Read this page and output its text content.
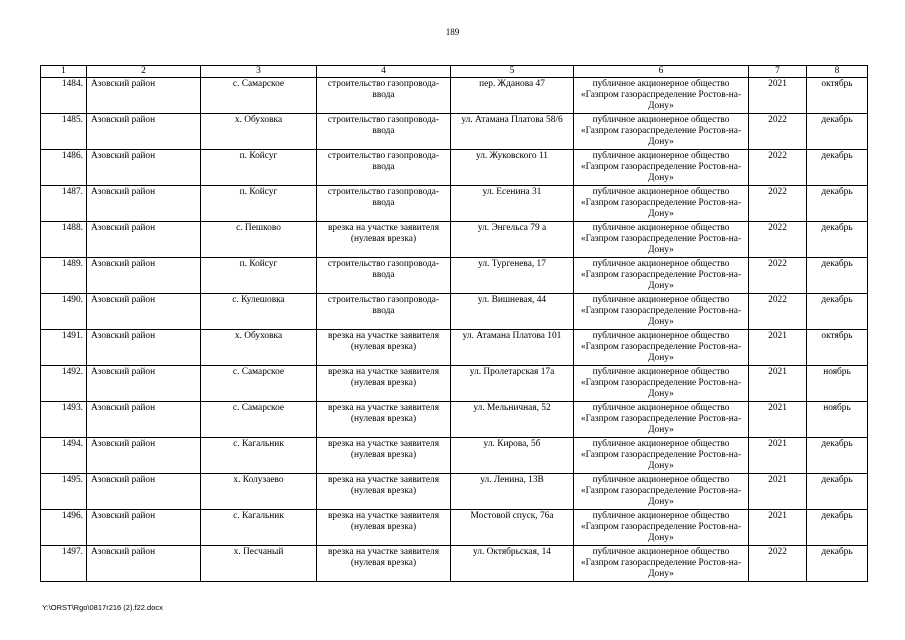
189
1	2	3	4	5	6	7	8
1484.	Азовский район	с. Самарское	строительство газопровода-ввода	пер. Жданова 47	публичное акционерное общество «Газпром газораспределение Ростов-на-Дону»	2021	октябрь
1485.	Азовский район	х. Обуховка	строительство газопровода-ввода	ул. Атамана Платова 58/6	публичное акционерное общество «Газпром газораспределение Ростов-на-Дону»	2022	декабрь
1486.	Азовский район	п. Койсуг	строительство газопровода-ввода	ул. Жуковского 11	публичное акционерное общество «Газпром газораспределение Ростов-на-Дону»	2022	декабрь
1487.	Азовский район	п. Койсуг	строительство газопровода-ввода	ул. Есенина 31	публичное акционерное общество «Газпром газораспределение Ростов-на-Дону»	2022	декабрь
1488.	Азовский район	с. Пешково	врезка на участке заявителя (нулевая врезка)	ул. Энгельса 79 а	публичное акционерное общество «Газпром газораспределение Ростов-на-Дону»	2022	декабрь
1489.	Азовский район	п. Койсуг	строительство газопровода-ввода	ул. Тургенева, 17	публичное акционерное общество «Газпром газораспределение Ростов-на-Дону»	2022	декабрь
1490.	Азовский район	с. Кулешовка	строительство газопровода-ввода	ул. Вишневая, 44	публичное акционерное общество «Газпром газораспределение Ростов-на-Дону»	2022	декабрь
1491.	Азовский район	х. Обуховка	врезка на участке заявителя (нулевая врезка)	ул. Атамана Платова 101	публичное акционерное общество «Газпром газораспределение Ростов-на-Дону»	2021	октябрь
1492.	Азовский район	с. Самарское	врезка на участке заявителя (нулевая врезка)	ул. Пролетарская 17а	публичное акционерное общество «Газпром газораспределение Ростов-на-Дону»	2021	ноябрь
1493.	Азовский район	с. Самарское	врезка на участке заявителя (нулевая врезка)	ул. Мельничная, 52	публичное акционерное общество «Газпром газораспределение Ростов-на-Дону»	2021	ноябрь
1494.	Азовский район	с. Кагальник	врезка на участке заявителя (нулевая врезка)	ул. Кирова, 5б	публичное акционерное общество «Газпром газораспределение Ростов-на-Дону»	2021	декабрь
1495.	Азовский район	х. Колузаево	врезка на участке заявителя (нулевая врезка)	ул. Ленина, 13В	публичное акционерное общество «Газпром газораспределение Ростов-на-Дону»	2021	декабрь
1496.	Азовский район	с. Кагальник	врезка на участке заявителя (нулевая врезка)	Мостовой спуск, 76а	публичное акционерное общество «Газпром газораспределение Ростов-на-Дону»	2021	декабрь
1497.	Азовский район	х. Песчаный	врезка на участке заявителя (нулевая врезка)	ул. Октябрьская, 14	публичное акционерное общество «Газпром газораспределение Ростов-на-Дону»	2022	декабрь
Y:\ORST\Rgo\0817r216 (2).f22.docx
